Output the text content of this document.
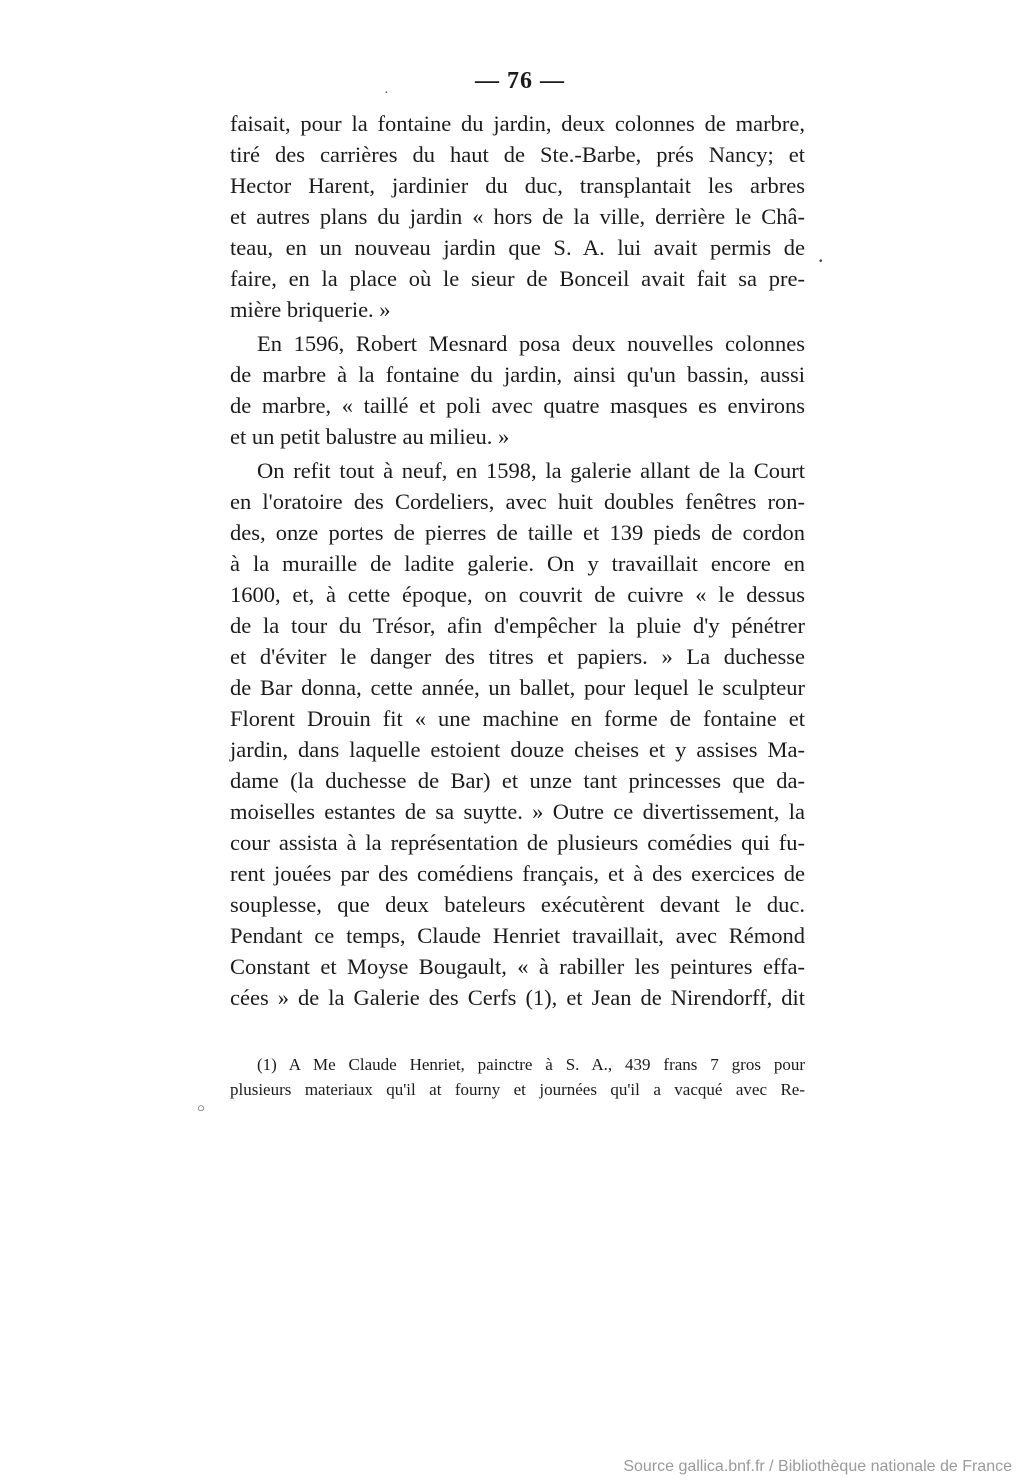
— 76 —
faisait, pour la fontaine du jardin, deux colonnes de marbre,
tiré des carrières du haut de Ste.-Barbe, prés Nancy; et
Hector Harent, jardinier du duc, transplantait les arbres
et autres plans du jardin « hors de la ville, derrière le Châ-
teau, en un nouveau jardin que S. A. lui avait permis de
faire, en la place où le sieur de Bonceil avait fait sa pre-
mière briquerie. »
En 1596, Robert Mesnard posa deux nouvelles colonnes
de marbre à la fontaine du jardin, ainsi qu'un bassin, aussi
de marbre, « taillé et poli avec quatre masques es environs
et un petit balustre au milieu. »
On refit tout à neuf, en 1598, la galerie allant de la Court
en l'oratoire des Cordeliers, avec huit doubles fenêtres ron-
des, onze portes de pierres de taille et 139 pieds de cordon
à la muraille de ladite galerie. On y travaillait encore en
1600, et, à cette époque, on couvrit de cuivre « le dessus
de la tour du Trésor, afin d'empêcher la pluie d'y pénétrer
et d'éviter le danger des titres et papiers. » La duchesse
de Bar donna, cette année, un ballet, pour lequel le sculpteur
Florent Drouin fit « une machine en forme de fontaine et
jardin, dans laquelle estoient douze cheises et y assises Ma-
dame (la duchesse de Bar) et unze tant princesses que da-
moiselles estantes de sa suytte. » Outre ce divertissement, la
cour assista à la représentation de plusieurs comédies qui fu-
rent jouées par des comédiens français, et à des exercices de
souplesse, que deux bateleurs exécutèrent devant le duc.
Pendant ce temps, Claude Henriet travaillait, avec Rémond
Constant et Moyse Bougault, « à rabiller les peintures effa-
cées » de la Galerie des Cerfs (1), et Jean de Nirendorff, dit
(1) A Me Claude Henriet, painctre à S. A., 439 frans 7 gros pour
plusieurs materiaux qu'il at fourny et journées qu'il a vacqué avec Re-
·
.
○
Source gallica.bnf.fr / Bibliothèque nationale de France
